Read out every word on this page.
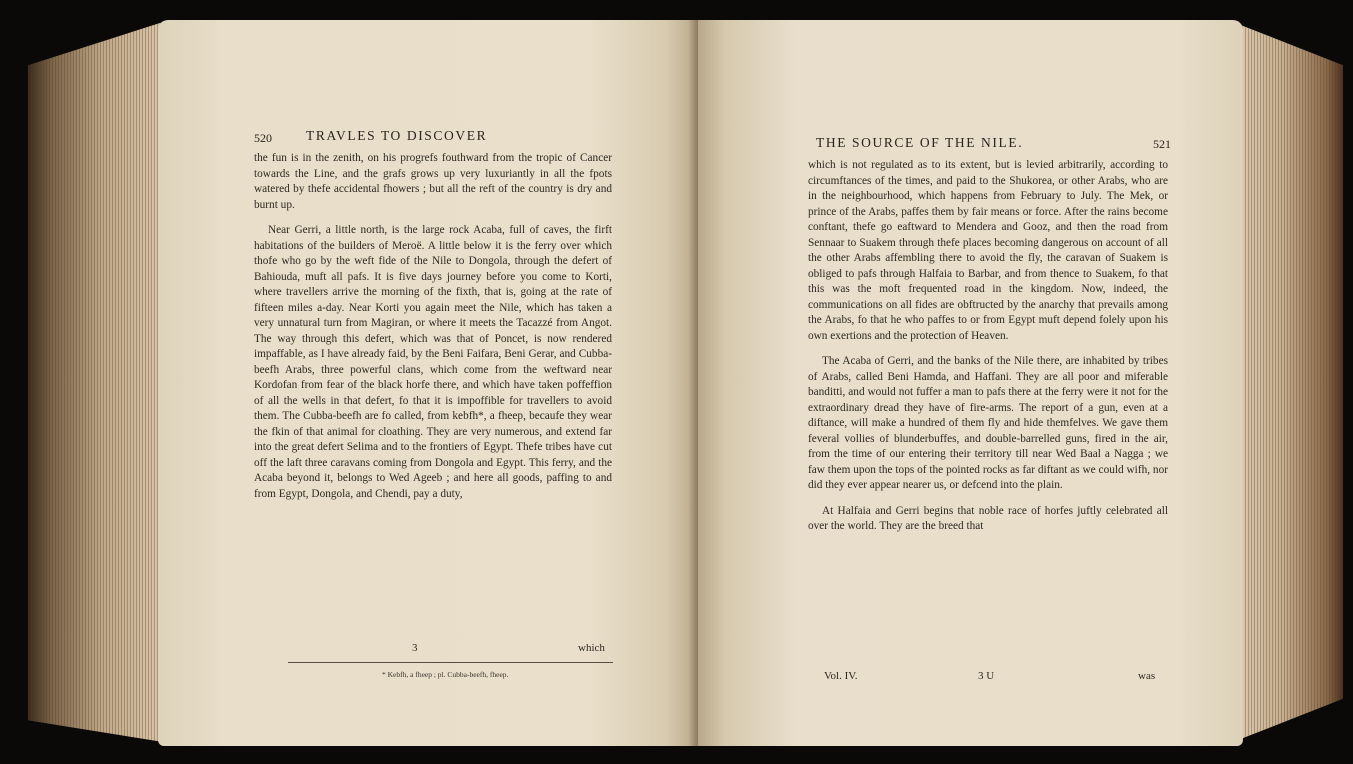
520	TRAVLES TO DISCOVER

the fun is in the zenith, on his progrefs fouthward from the tropic of Cancer towards the Line, and the grafs grows up very luxuriantly in all the fpots watered by thefe accidental fhowers ; but all the reft of the country is dry and burnt up.

Near Gerri, a little north, is the large rock Acaba, full of caves, the firft habitations of the builders of Meroë. A little below it is the ferry over which thofe who go by the weft fide of the Nile to Dongola, through the defert of Bahiouda, muft all pafs. It is five days journey before you come to Korti, where travellers arrive the morning of the fixth, that is, going at the rate of fifteen miles a-day. Near Korti you again meet the Nile, which has taken a very unnatural turn from Magiran, or where it meets the Tacazzé from Angot. The way through this defert, which was that of Poncet, is now rendered impaffable, as I have already faid, by the Beni Faifara, Beni Gerar, and Cubba-beefh Arabs, three powerful clans, which come from the weftward near Kordofan from fear of the black horfe there, and which have taken poffeffion of all the wells in that defert, fo that it is impoffible for travellers to avoid them. The Cubba-beefh are fo called, from kebfh*, a fheep, becaufe they wear the fkin of that animal for cloathing. They are very numerous, and extend far into the great defert Selima and to the frontiers of Egypt. Thefe tribes have cut off the laft three caravans coming from Dongola and Egypt. This ferry, and the Acaba beyond it, belongs to Wed Ageeb ; and here all goods, paffing to and from Egypt, Dongola, and Chendi, pay a duty,

3	which
* Kebfh, a fheep ; pl. Cubba-beefh, fheep.
THE SOURCE OF THE NILE.	521

which is not regulated as to its extent, but is levied arbitrarily, according to circumftances of the times, and paid to the Shukorea, or other Arabs, who are in the neighbourhood, which happens from February to July. The Mek, or prince of the Arabs, paffes them by fair means or force. After the rains become conftant, thefe go eaftward to Mendera and Gooz, and then the road from Sennaar to Suakem through thefe places becoming dangerous on account of all the other Arabs affembling there to avoid the fly, the caravan of Suakem is obliged to pafs through Halfaia to Barbar, and from thence to Suakem, fo that this was the moft frequented road in the kingdom. Now, indeed, the communications on all fides are obftructed by the anarchy that prevails among the Arabs, fo that he who paffes to or from Egypt muft depend folely upon his own exertions and the protection of Heaven.

The Acaba of Gerri, and the banks of the Nile there, are inhabited by tribes of Arabs, called Beni Hamda, and Haffani. They are all poor and miferable banditti, and would not fuffer a man to pafs there at the ferry were it not for the extraordinary dread they have of fire-arms. The report of a gun, even at a diftance, will make a hundred of them fly and hide themfelves. We gave them feveral vollies of blunderbuffes, and double-barrelled guns, fired in the air, from the time of our entering their territory till near Wed Baal a Nagga ; we faw them upon the tops of the pointed rocks as far diftant as we could wifh, nor did they ever appear nearer us, or defcend into the plain.

At Halfaia and Gerri begins that noble race of horfes juftly celebrated all over the world. They are the breed that

Vol. IV.	3 U	was
